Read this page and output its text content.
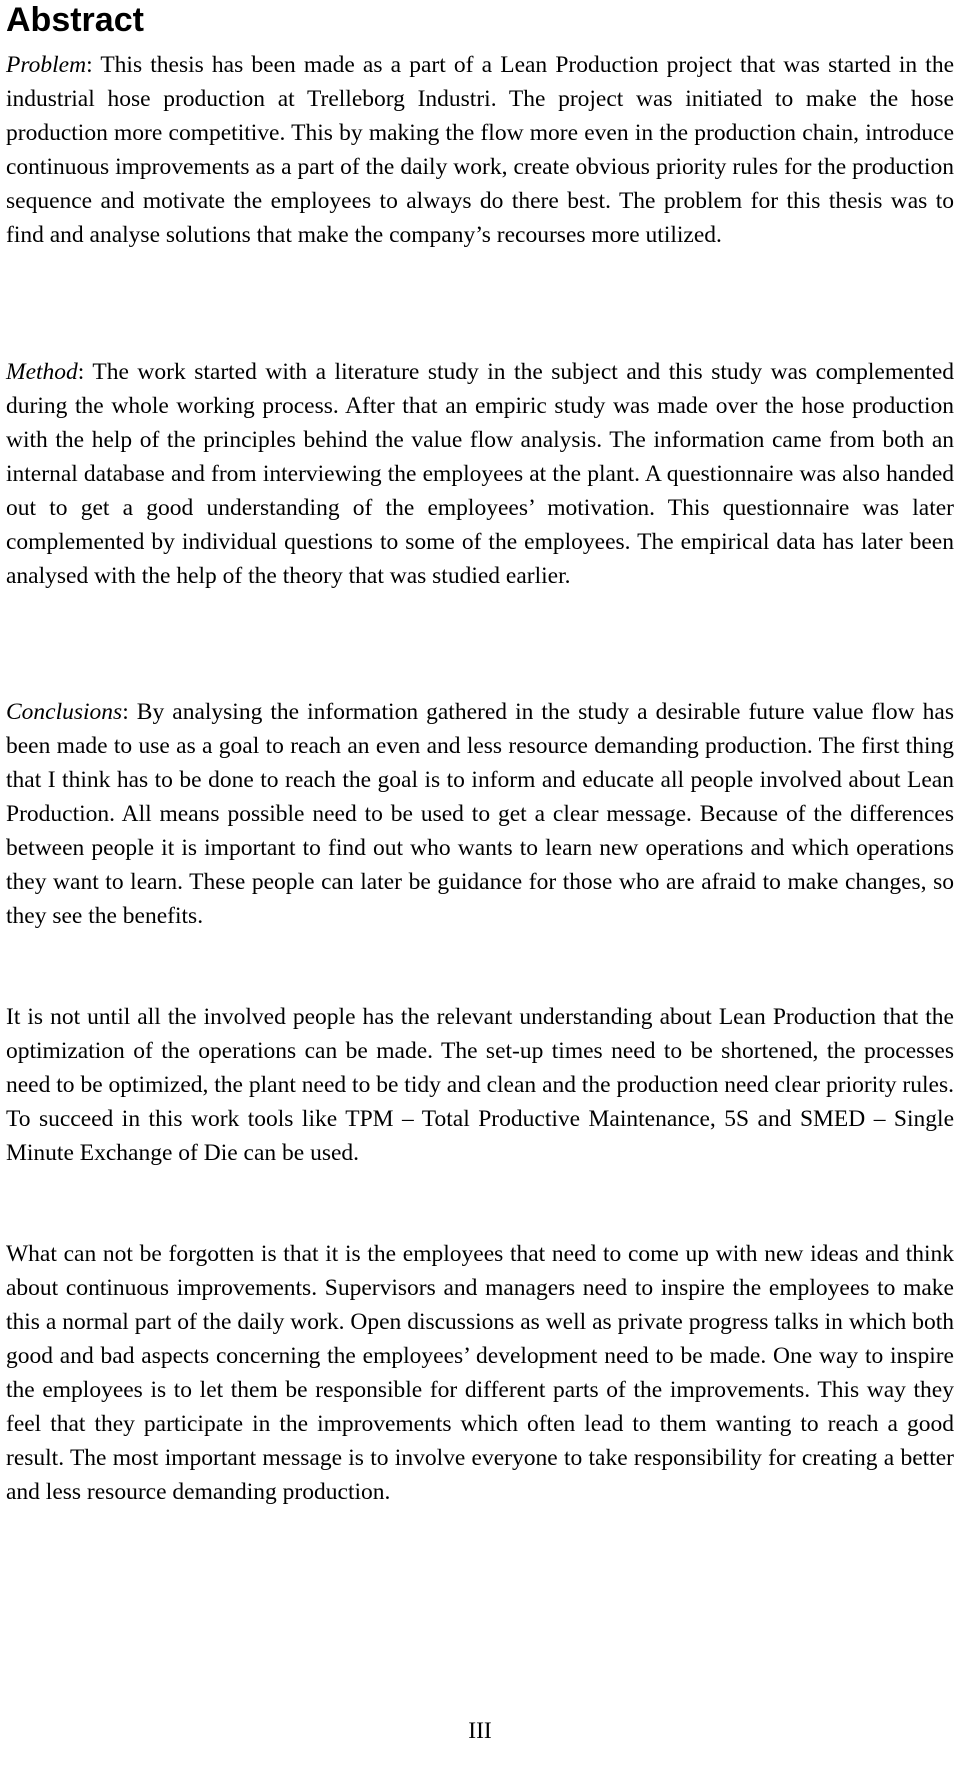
Abstract

Problem: This thesis has been made as a part of a Lean Production project that was started in the industrial hose production at Trelleborg Industri. The project was initiated to make the hose production more competitive. This by making the flow more even in the production chain, introduce continuous improvements as a part of the daily work, create obvious priority rules for the production sequence and motivate the employees to always do there best. The problem for this thesis was to find and analyse solutions that make the company’s recourses more utilized.

Method: The work started with a literature study in the subject and this study was complemented during the whole working process. After that an empiric study was made over the hose production with the help of the principles behind the value flow analysis. The information came from both an internal database and from interviewing the employees at the plant. A questionnaire was also handed out to get a good understanding of the employees’ motivation. This questionnaire was later complemented by individual questions to some of the employees. The empirical data has later been analysed with the help of the theory that was studied earlier.

Conclusions: By analysing the information gathered in the study a desirable future value flow has been made to use as a goal to reach an even and less resource demanding production. The first thing that I think has to be done to reach the goal is to inform and educate all people involved about Lean Production. All means possible need to be used to get a clear message. Because of the differences between people it is important to find out who wants to learn new operations and which operations they want to learn. These people can later be guidance for those who are afraid to make changes, so they see the benefits.

It is not until all the involved people has the relevant understanding about Lean Production that the optimization of the operations can be made. The set-up times need to be shortened, the processes need to be optimized, the plant need to be tidy and clean and the production need clear priority rules. To succeed in this work tools like TPM – Total Productive Maintenance, 5S and SMED – Single Minute Exchange of Die can be used.

What can not be forgotten is that it is the employees that need to come up with new ideas and think about continuous improvements. Supervisors and managers need to inspire the employees to make this a normal part of the daily work. Open discussions as well as private progress talks in which both good and bad aspects concerning the employees’ development need to be made. One way to inspire the employees is to let them be responsible for different parts of the improvements. This way they feel that they participate in the improvements which often lead to them wanting to reach a good result. The most important message is to involve everyone to take responsibility for creating a better and less resource demanding production.

III
